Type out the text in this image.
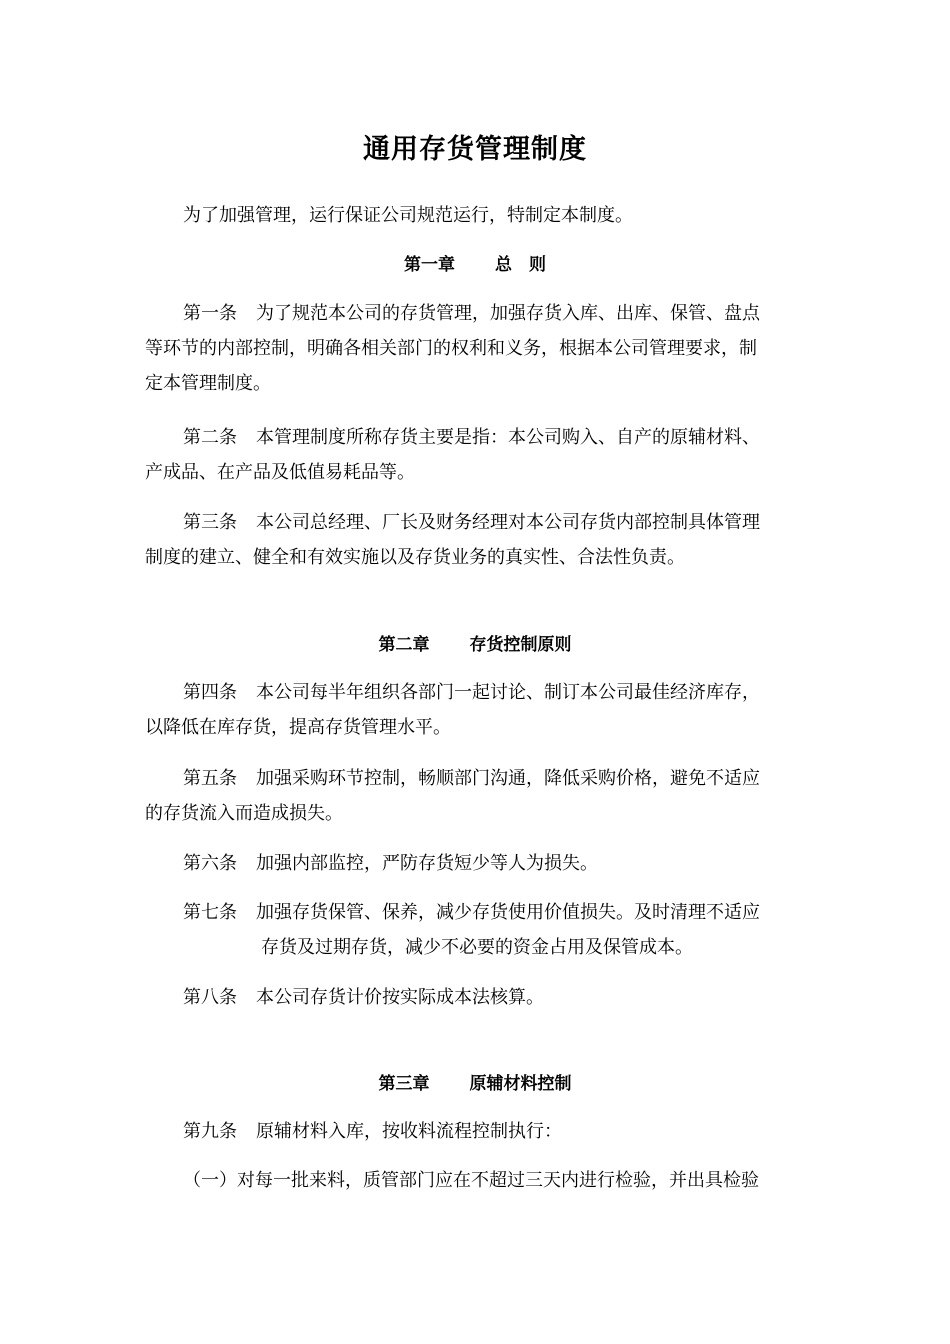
通用存货管理制度
为了加强管理，运行保证公司规范运行，特制定本制度。
第一章 总　则
第一条 为了规范本公司的存货管理，加强存货入库、出库、保管、盘点
等环节的内部控制，明确各相关部门的权利和义务，根据本公司管理要求，制
定本管理制度。
第二条 本管理制度所称存货主要是指：本公司购入、自产的原辅材料、
产成品、在产品及低值易耗品等。
第三条 本公司总经理、厂长及财务经理对本公司存货内部控制具体管理
制度的建立、健全和有效实施以及存货业务的真实性、合法性负责。
第二章 存货控制原则
第四条 本公司每半年组织各部门一起讨论、制订本公司最佳经济库存，
以降低在库存货，提高存货管理水平。
第五条 加强采购环节控制，畅顺部门沟通，降低采购价格，避免不适应
的存货流入而造成损失。
第六条 加强内部监控，严防存货短少等人为损失。
第七条 加强存货保管、保养，减少存货使用价值损失。及时清理不适应
存货及过期存货，减少不必要的资金占用及保管成本。
第八条 本公司存货计价按实际成本法核算。
第三章 原辅材料控制
第九条 原辅材料入库，按收料流程控制执行：
（一）对每一批来料，质管部门应在不超过三天内进行检验，并出具检验
